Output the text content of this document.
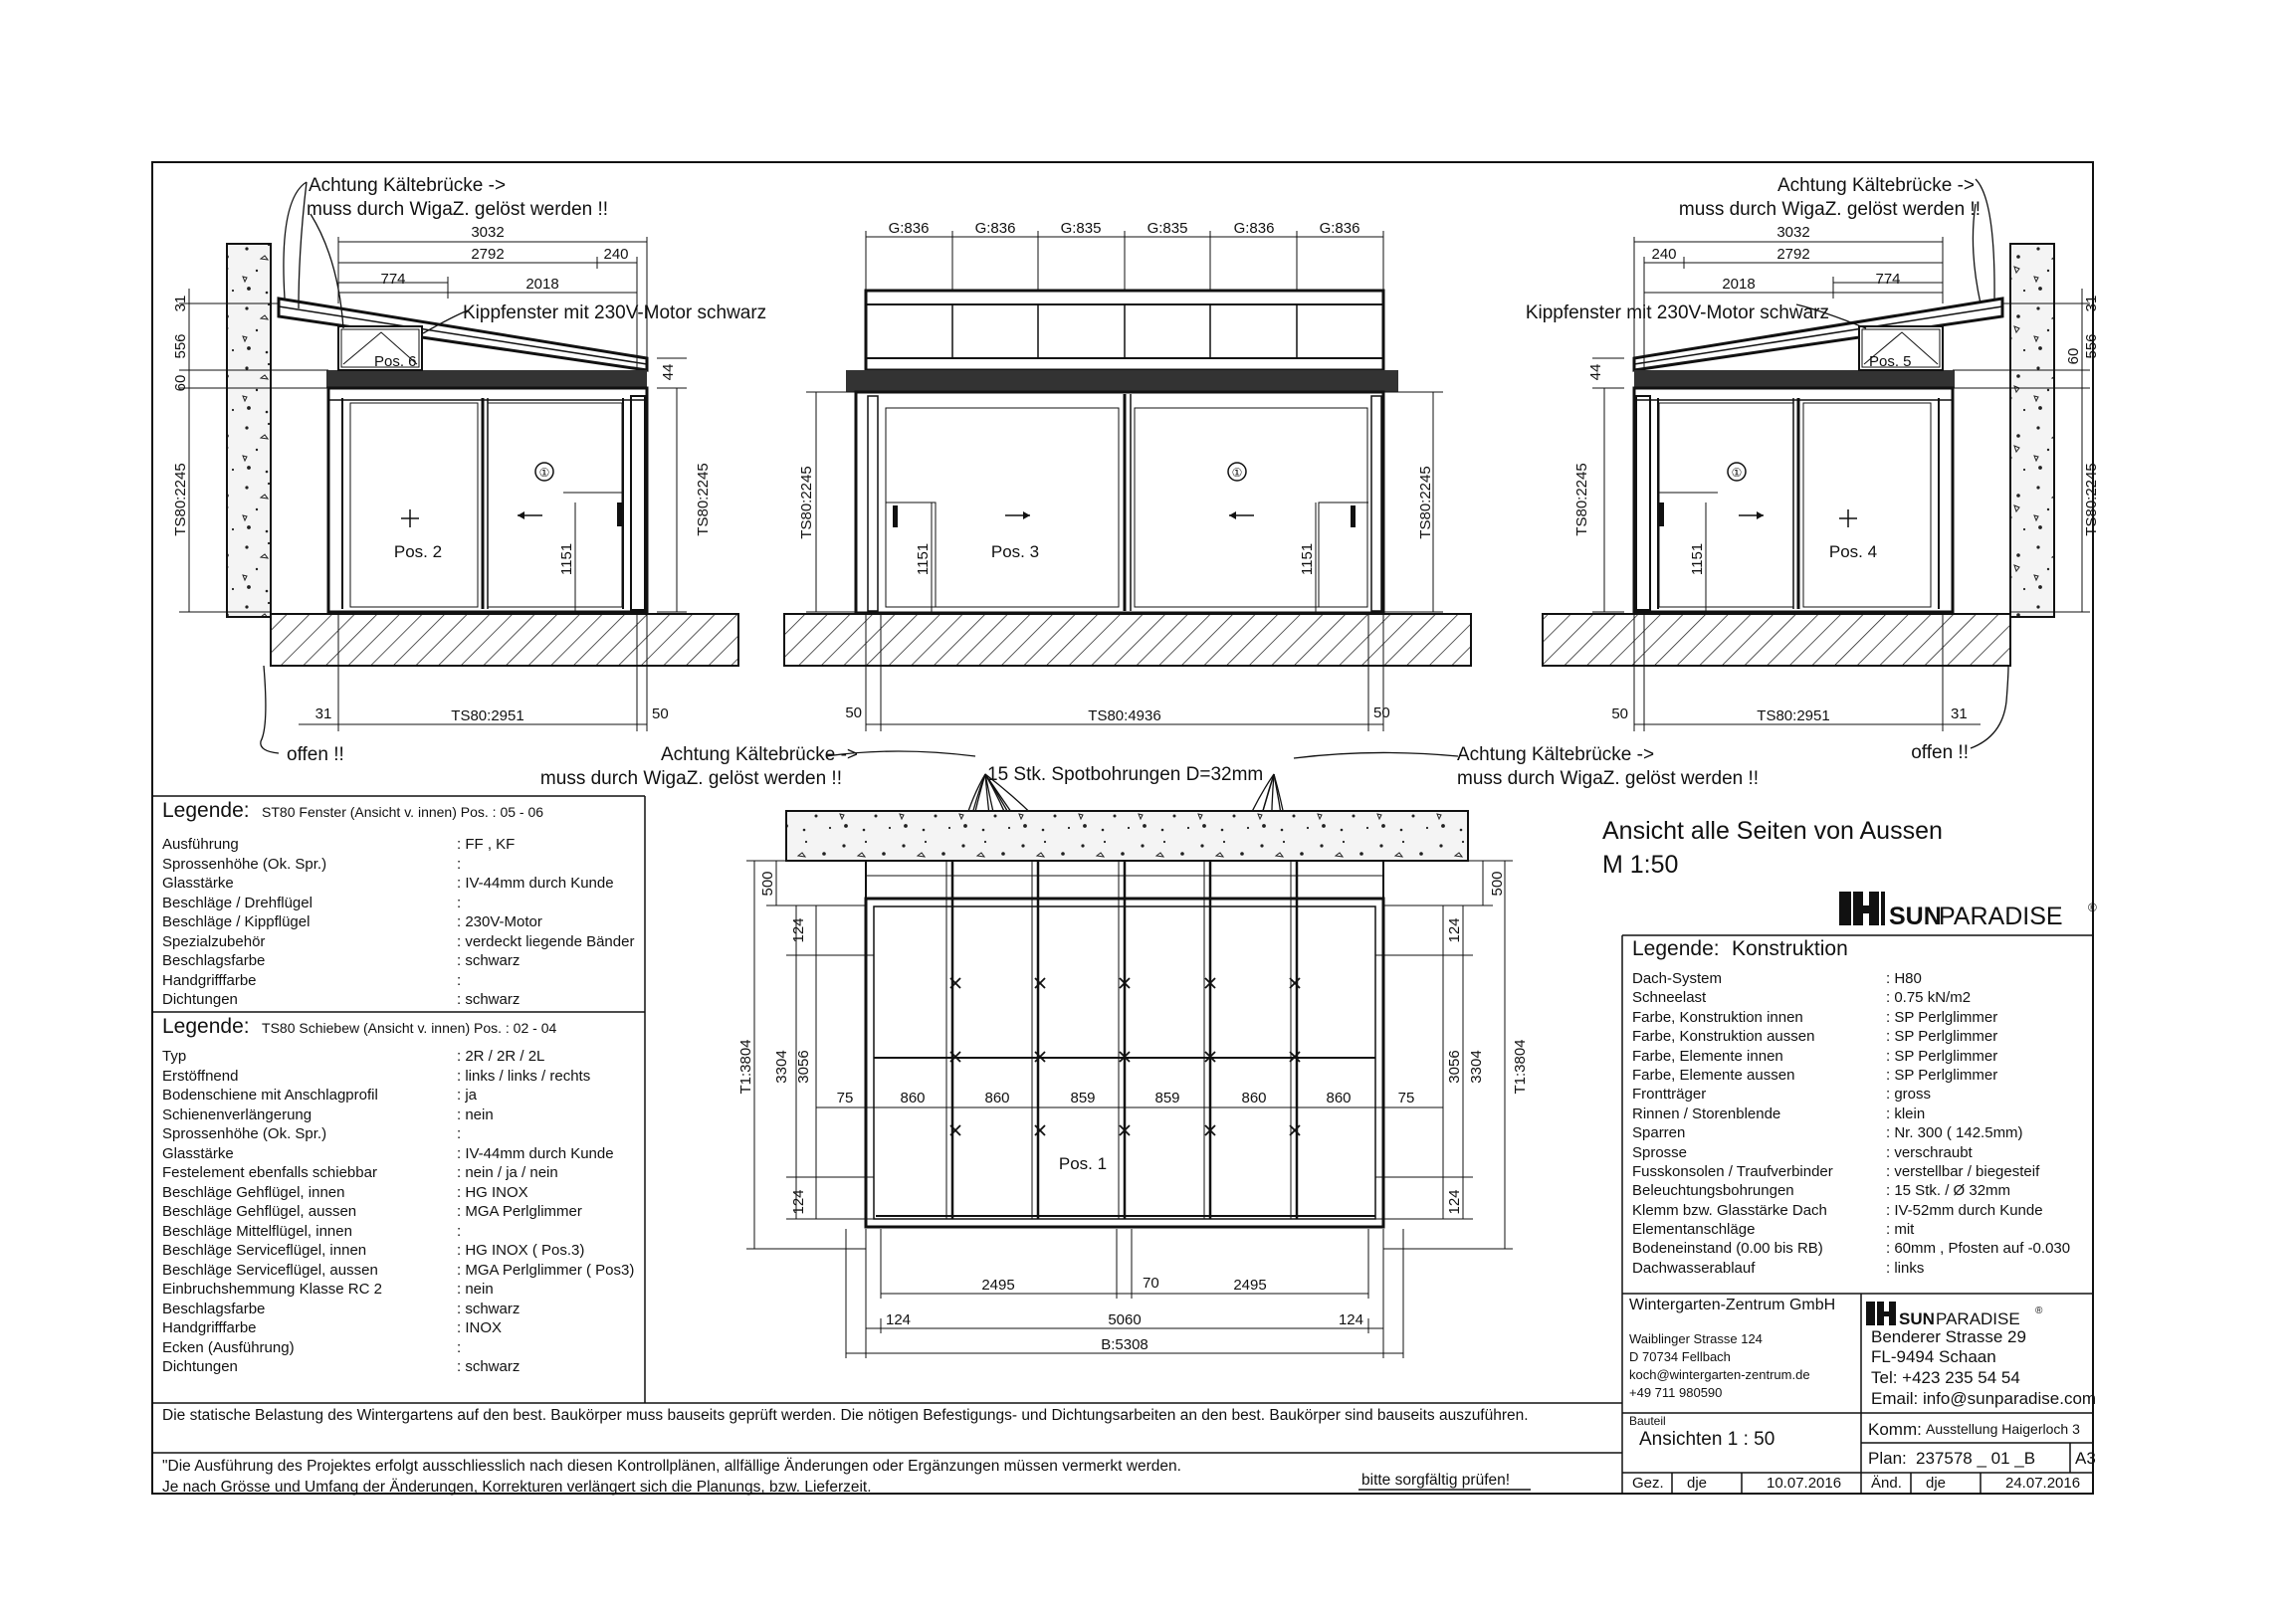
①
Pos. 2
Pos. 6
3032
2792	240
774	2018
31
556
60
TS80:2245
44
TS80:2245
1151
31	TS80:2951	50
①
Pos. 3
G:836	G:836	G:835	G:835	G:836	G:836
TS80:2245	TS80:2245
1151	1151
50	TS80:4936	50
①
Pos. 4
Pos. 5
3032
240	2792
2018	774
31
556
60
TS80:2245
44
TS80:2245
1151
50	TS80:2951	31
Achtung Kältebrücke ->
muss durch WigaZ. gelöst werden !!
Kippfenster mit 230V-Motor schwarz
Achtung Kältebrücke ->
muss durch WigaZ. gelöst werden !!
Kippfenster mit 230V-Motor schwarz
offen !!	offen !!
Achtung Kältebrücke ->
muss durch WigaZ. gelöst werden !!
Achtung Kältebrücke ->
muss durch WigaZ. gelöst werden !!
15 Stk. Spotbohrungen D=32mm
Pos. 1
500
124
124
3056
3304
T1:3804
500
124
124
3056 3304 T1:3804
75	75
860	860	859	859	860	860
2495	70	2495
124	5060	124
B:5308
Ansicht alle Seiten von Aussen
M 1:50
SUN
PARADISE ®
SUN PARADISE ®
Legende: ST80 Fenster (Ansicht v. innen) Pos. : 05 - 06
Ausführung	: FF , KF
Sprossenhöhe (Ok. Spr.)	:
Glasstärke	: IV-44mm durch Kunde
Beschläge / Drehflügel	:
Beschläge / Kippflügel	: 230V-Motor
Spezialzubehör	: verdeckt liegende Bänder
Beschlagsfarbe	: schwarz
Handgrifffarbe	:
Dichtungen	: schwarz
Legende: TS80 Schiebew (Ansicht v. innen) Pos. : 02 - 04
Typ	: 2R / 2R / 2L
Erstöffnend	: links / links / rechts
Bodenschiene mit Anschlagprofil	: ja
Schienenverlängerung	: nein
Sprossenhöhe (Ok. Spr.)	:
Glasstärke	: IV-44mm durch Kunde
Festelement ebenfalls schiebbar	: nein / ja / nein
Beschläge Gehflügel, innen	: HG INOX
Beschläge Gehflügel, aussen	: MGA Perlglimmer
Beschläge Mittelflügel, innen	:
Beschläge Serviceflügel, innen	: HG INOX ( Pos.3)
Beschläge Serviceflügel, aussen	: MGA Perlglimmer ( Pos3)
Einbruchshemmung Klasse RC 2	: nein
Beschlagsfarbe	: schwarz
Handgrifffarbe	: INOX
Ecken (Ausführung)	:
Dichtungen	: schwarz
Legende: Konstruktion
Dach-System	: H80
Schneelast	: 0.75 kN/m2
Farbe, Konstruktion innen	: SP Perlglimmer
Farbe, Konstruktion aussen	: SP Perlglimmer
Farbe, Elemente innen	: SP Perlglimmer
Farbe, Elemente aussen	: SP Perlglimmer
Frontträger	: gross
Rinnen / Storenblende	: klein
Sparren	: Nr. 300 ( 142.5mm)
Sprosse	: verschraubt
Fusskonsolen / Traufverbinder	: verstellbar / biegesteif
Beleuchtungsbohrungen	: 15 Stk. / Ø 32mm
Klemm bzw. Glasstärke Dach	: IV-52mm durch Kunde
Elementanschläge	: mit
Bodeneinstand (0.00 bis RB)	: 60mm , Pfosten auf -0.030
Dachwasserablauf	: links
Die statische Belastung des Wintergartens auf den best. Baukörper muss bauseits geprüft werden. Die nötigen Befestigungs- und Dichtungsarbeiten an den best. Baukörper sind bauseits auszuführen.
"Die Ausführung des Projektes erfolgt ausschliesslich nach diesen Kontrollplänen, allfällige Änderungen oder Ergänzungen müssen vermerkt werden.
Je nach Grösse und Umfang der Änderungen, Korrekturen verlängert sich die Planungs, bzw. Lieferzeit.	bitte sorgfältig prüfen!
Wintergarten-Zentrum GmbH
Waiblinger Strasse 124
D 70734 Fellbach
koch@wintergarten-zentrum.de
+49 711 980590
Benderer Strasse 29
FL-9494 Schaan
Tel: +423 235 54 54
Email: info@sunparadise.com
Bauteil
Ansichten 1 : 50	Komm: Ausstellung Haigerloch 3
Plan: 237578 _ 01 _B A3
Gez. dje	10.07.2016 Änd. dje	24.07.2016
